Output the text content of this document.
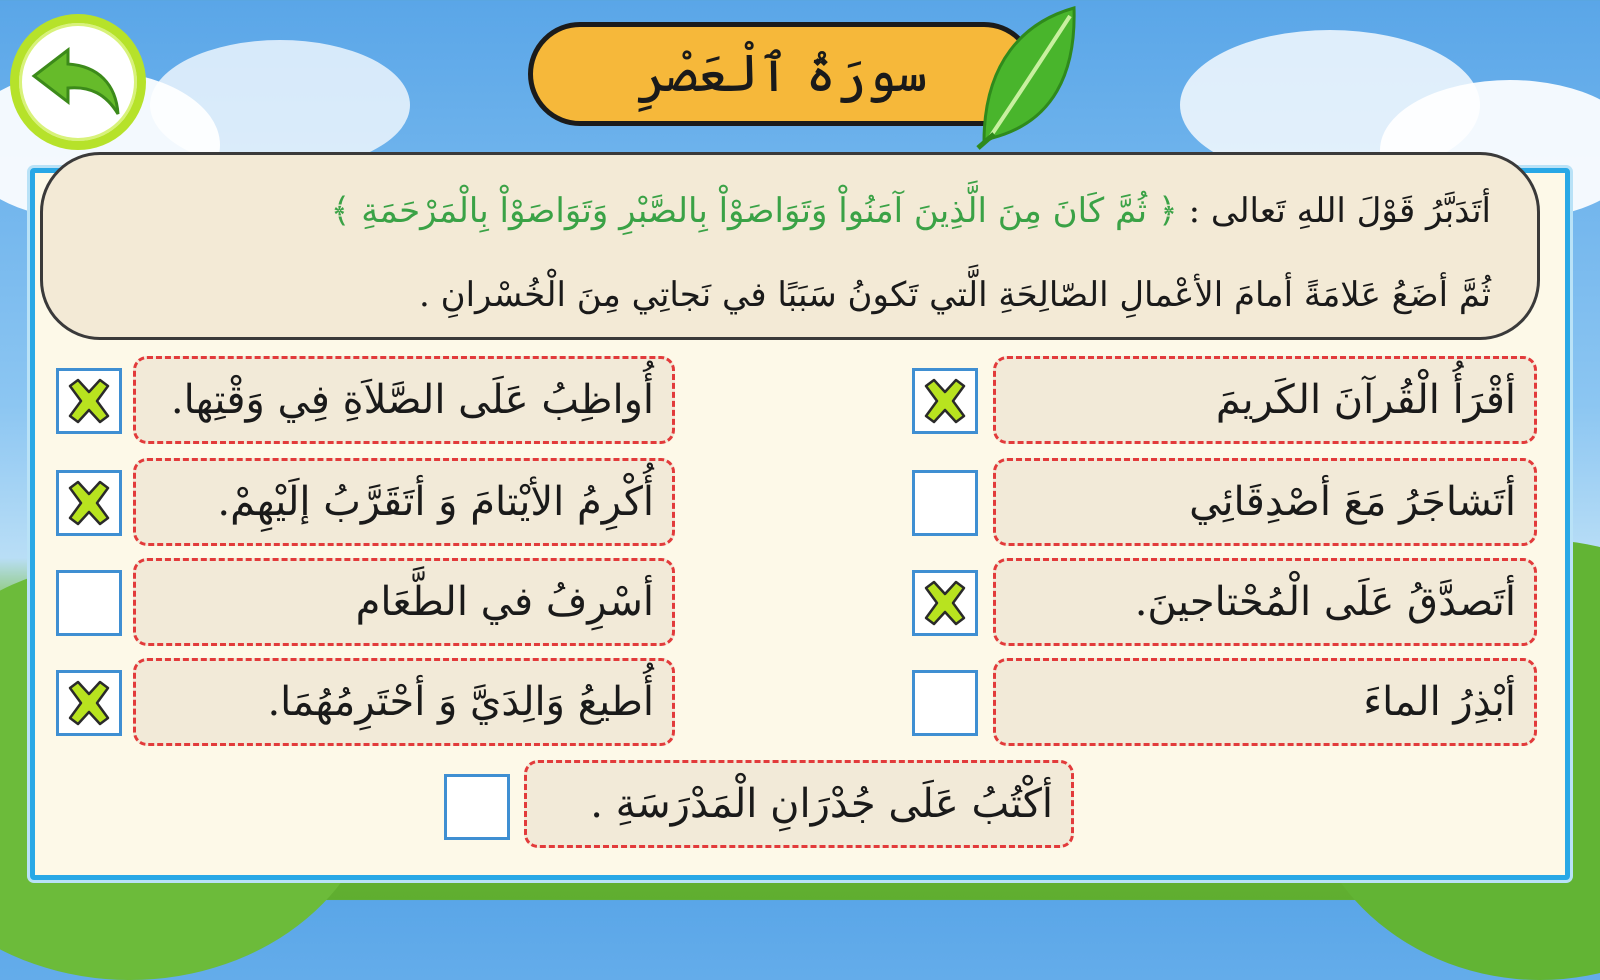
سورَةُ ٱلْعَصْرِ
أتَدَبَّرُ قَوْلَ اللهِ تَعالى : ﴿ ثُمَّ كَانَ مِنَ الَّذِينَ آمَنُواْ وَتَوَاصَوْاْ بِالصَّبْرِ وَتَوَاصَوْاْ بِالْمَرْحَمَةِ ﴾
ثُمَّ أضَعُ عَلامَةً أمامَ الأعْمالِ الصّالِحَةِ الَّتي تَكونُ سَبَبًا في نَجاتِي مِنَ الْخُسْرانِ .
أقْرَأُ الْقُرآنَ الكَريمَ
أُواظِبُ عَلَى الصَّلاَةِ فِي وَقْتِها.
أتَشاجَرُ مَعَ أصْدِقَائِي
أُكْرِمُ الأيْتامَ وَ أتَقَرَّبُ إلَيْهِمْ.
أتَصدَّقُ عَلَى الْمُحْتاجينَ.
أسْرِفُ في الطَّعَام
أبْذِرُ الماءَ
أُطيعُ وَالِدَيَّ وَ أحْتَرِمُهُمَا.
أكْتُبُ عَلَى جُدْرَانِ الْمَدْرَسَةِ .
